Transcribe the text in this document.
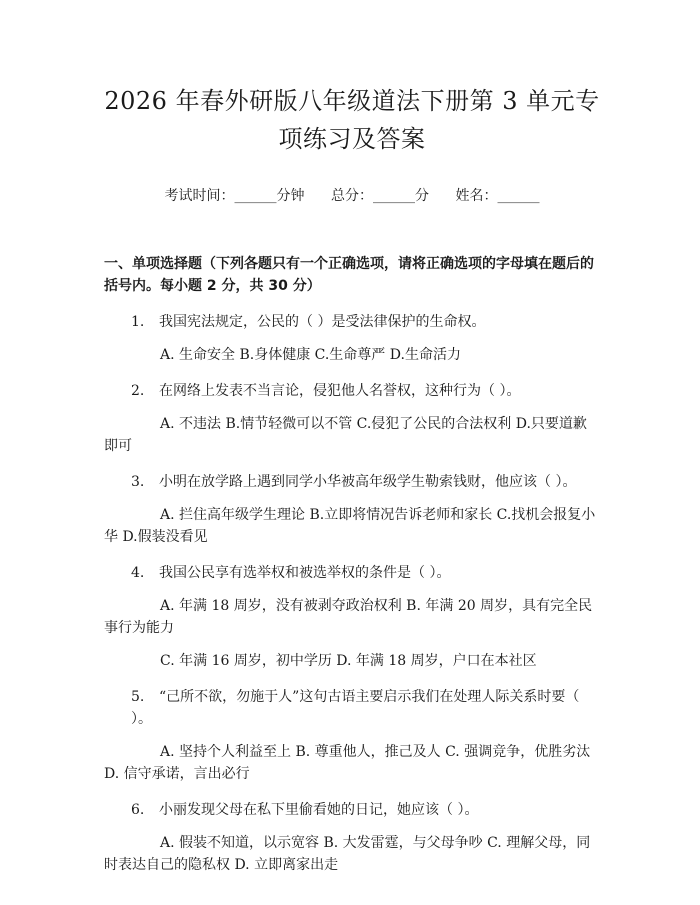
2026 年春外研版八年级道法下册第 3 单元专项练习及答案
考试时间：______分钟 总分：______分 姓名：______
一、单项选择题（下列各题只有一个正确选项，请将正确选项的字母填在题后的括号内。每小题 2 分，共 30 分）
1. 我国宪法规定，公民的（ ）是受法律保护的生命权。
A. 生命安全 B.身体健康 C.生命尊严 D.生命活力
2. 在网络上发表不当言论，侵犯他人名誉权，这种行为（ ）。
A. 不违法 B.情节轻微可以不管 C.侵犯了公民的合法权利 D.只要道歉即可
3. 小明在放学路上遇到同学小华被高年级学生勒索钱财，他应该（ ）。
A. 拦住高年级学生理论 B.立即将情况告诉老师和家长 C.找机会报复小华 D.假装没看见
4. 我国公民享有选举权和被选举权的条件是（ ）。
A. 年满 18 周岁，没有被剥夺政治权利 B. 年满 20 周岁，具有完全民事行为能力
C. 年满 16 周岁，初中学历 D. 年满 18 周岁，户口在本社区
5. “己所不欲，勿施于人”这句古语主要启示我们在处理人际关系时要（ ）。
A. 坚持个人利益至上 B. 尊重他人，推己及人 C. 强调竞争，优胜劣汰 D. 信守承诺，言出必行
6. 小丽发现父母在私下里偷看她的日记，她应该（ ）。
A. 假装不知道，以示宽容 B. 大发雷霆，与父母争吵 C. 理解父母，同时表达自己的隐私权 D. 立即离家出走
